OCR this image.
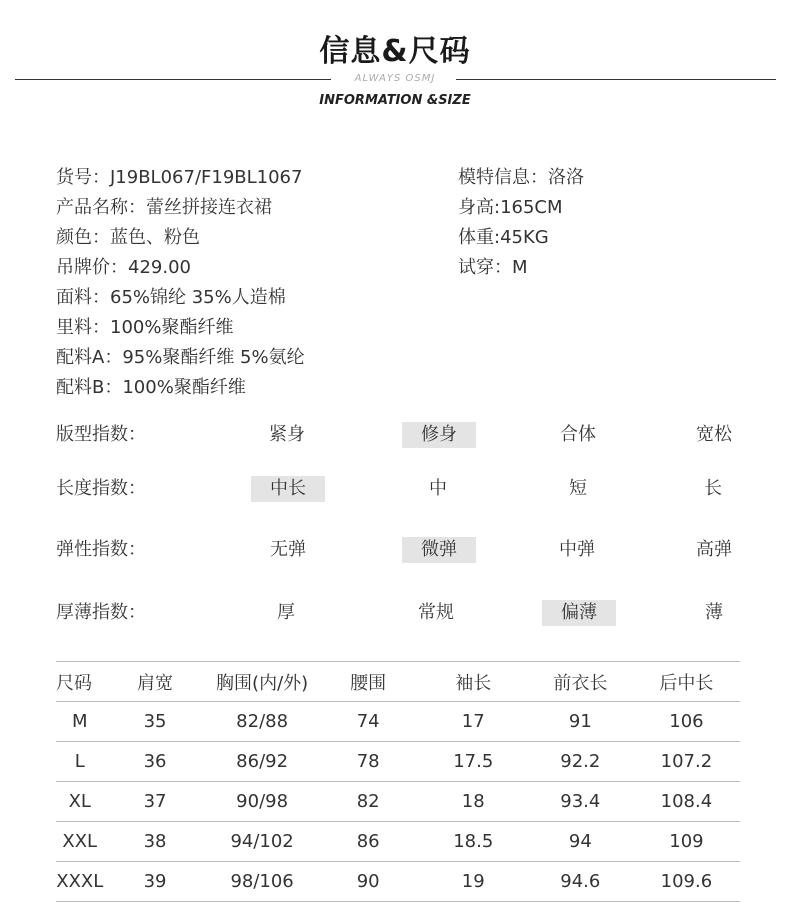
信息&尺码
ALWAYS OSMJ
INFORMATION &SIZE
货号：J19BL067/F19BL1067
产品名称：蕾丝拼接连衣裙
颜色：蓝色、粉色
吊牌价：429.00
面料：65%锦纶 35%人造棉
里料：100%聚酯纤维
配料A：95%聚酯纤维 5%氨纶
配料B：100%聚酯纤维
模特信息：洛洛
身高:165CM
体重:45KG
试穿：M
版型指数：	紧身	修身	合体	宽松
长度指数：	中长	中	短	长
弹性指数：	无弹	微弹	中弹	高弹
厚薄指数：	厚	常规	偏薄	薄
尺码	肩宽	胸围(内/外)	腰围	袖长	前衣长	后中长
M	35	82/88	74	17	91	106
L	36	86/92	78	17.5	92.2	107.2
XL	37	90/98	82	18	93.4	108.4
XXL	38	94/102	86	18.5	94	109
XXXL	39	98/106	90	19	94.6	109.6
